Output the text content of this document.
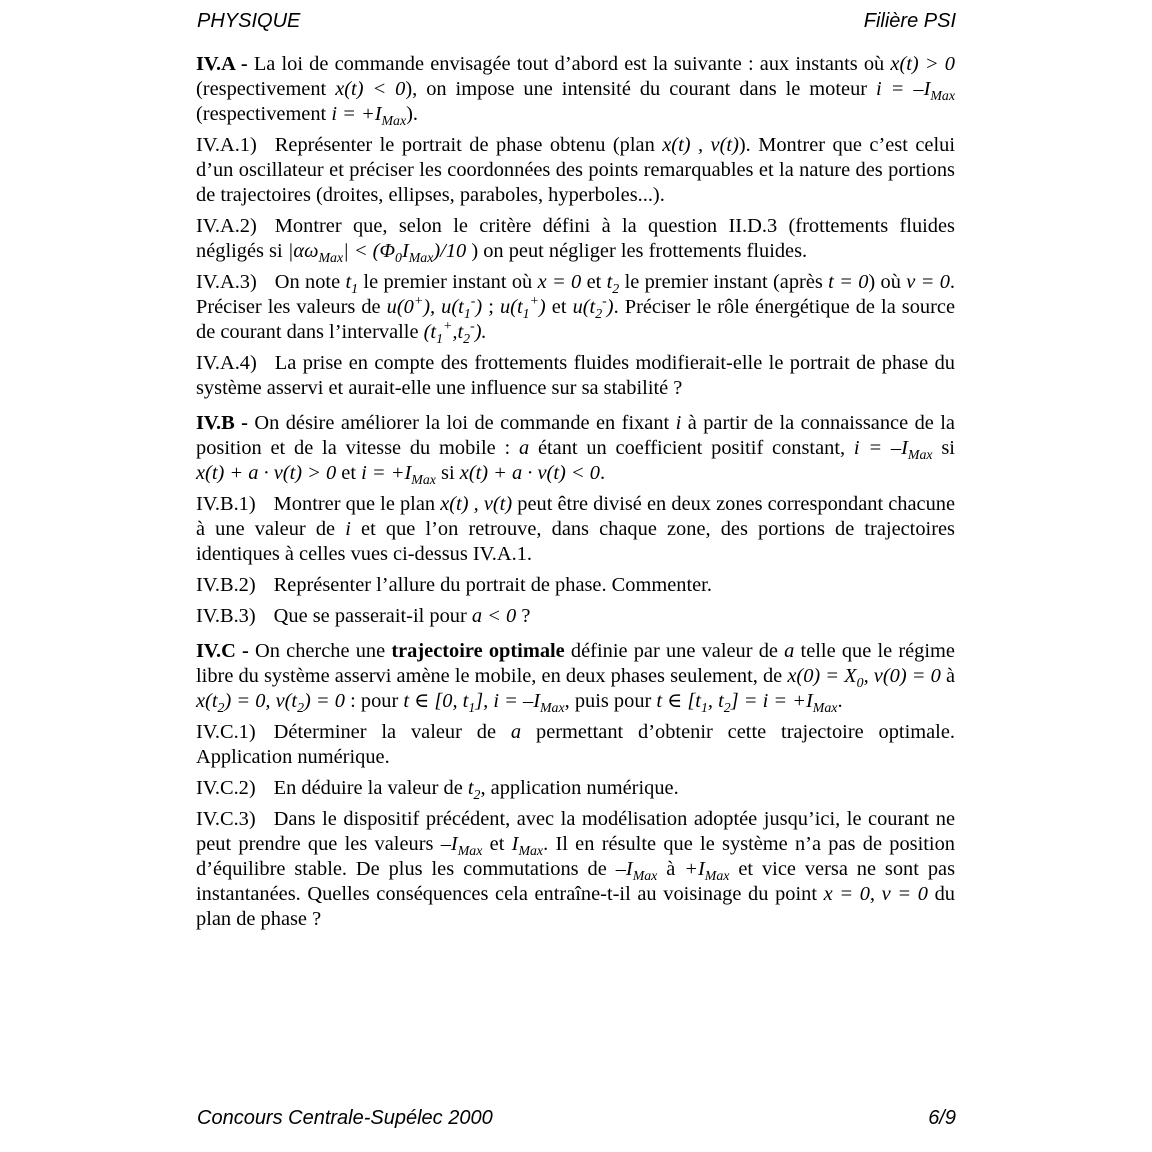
PHYSIQUE	Filière PSI

IV.A - La loi de commande envisagée tout d’abord est la suivante : aux instants où x(t) > 0 (respectivement x(t) < 0), on impose une intensité du courant dans le moteur $i = -I_{Max}$ (respectivement $i = +I_{Max}$).

IV.A.1) Représenter le portrait de phase obtenu (plan x(t) , v(t)). Montrer que c’est celui d’un oscillateur et préciser les coordonnées des points remarquables et la nature des portions de trajectoires (droites, ellipses, paraboles, hyperboles...).

IV.A.2) Montrer que, selon le critère défini à la question II.D.3 (frottements fluides négligés si $|\alpha\omega_{Max}| < (\Phi_0I_{Max})/10$ ) on peut négliger les frottements fluides.

IV.A.3) On note $t_1$ le premier instant où x = 0 et $t_2$ le premier instant (après t = 0) où v = 0. Préciser les valeurs de u(0+), $u(t_1^-)$ ; $u(t_1^+)$ et $u(t_2^-)$. Préciser le rôle énergétique de la source de courant dans l’intervalle $(t_1^+,t_2^-)$.

IV.A.4) La prise en compte des frottements fluides modifierait-elle le portrait de phase du système asservi et aurait-elle une influence sur sa stabilité ?

IV.B - On désire améliorer la loi de commande en fixant i à partir de la connaissance de la position et de la vitesse du mobile : a étant un coefficient positif constant, $i = -I_{Max}$ si x(t) + a · v(t) > 0 et $i = +I_{Max}$ si x(t) + a · v(t) < 0.

IV.B.1) Montrer que le plan x(t) , v(t) peut être divisé en deux zones correspondant chacune à une valeur de i et que l’on retrouve, dans chaque zone, des portions de trajectoires identiques à celles vues ci-dessus IV.A.1.

IV.B.2) Représenter l’allure du portrait de phase. Commenter.

IV.B.3) Que se passerait-il pour a < 0 ?

IV.C - On cherche une trajectoire optimale définie par une valeur de a telle que le régime libre du système asservi amène le mobile, en deux phases seulement, de $x(0) = X_0$, v(0) = 0 à $x(t_2) = 0$, $v(t_2) = 0$ : pour t ∈ [0, $t_1$], $i = -I_{Max}$, puis pour t ∈ [$t_1$, $t_2] = i = +I_{Max}$.

IV.C.1) Déterminer la valeur de a permettant d’obtenir cette trajectoire optimale. Application numérique.

IV.C.2) En déduire la valeur de $t_2$, application numérique.

IV.C.3) Dans le dispositif précédent, avec la modélisation adoptée jusqu’ici, le courant ne peut prendre que les valeurs $-I_{Max}$ et $I_{Max}$. Il en résulte que le système n’a pas de position d’équilibre stable. De plus les commutations de $-I_{Max}$ à $+I_{Max}$ et vice versa ne sont pas instantanées. Quelles conséquences cela entraîne-t-il au voisinage du point x = 0, v = 0 du plan de phase ?

Concours Centrale-Supélec 2000	6/9
